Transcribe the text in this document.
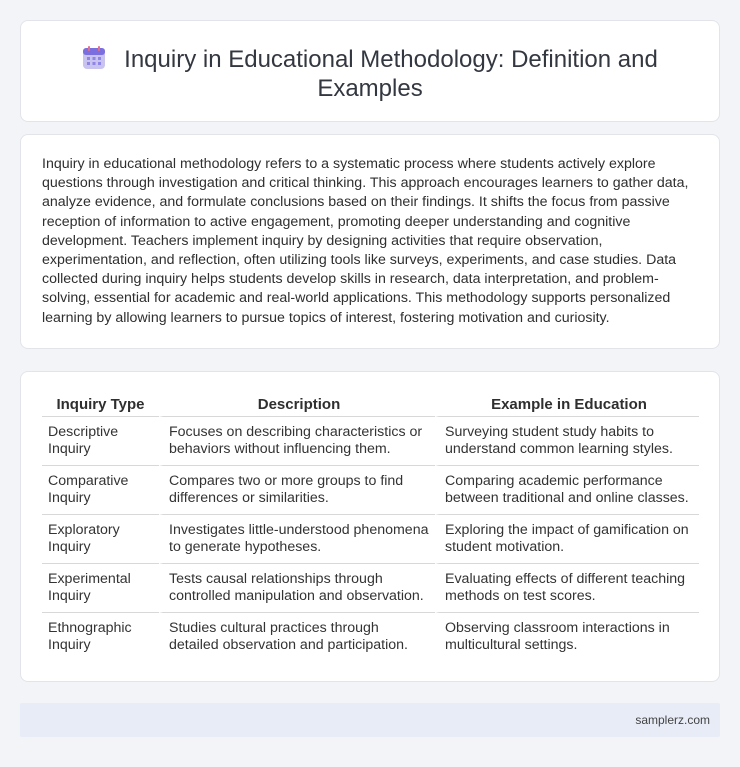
Inquiry in Educational Methodology: Definition and Examples

Inquiry in educational methodology refers to a systematic process where students actively explore questions through investigation and critical thinking. This approach encourages learners to gather data, analyze evidence, and formulate conclusions based on their findings. It shifts the focus from passive reception of information to active engagement, promoting deeper understanding and cognitive development. Teachers implement inquiry by designing activities that require observation, experimentation, and reflection, often utilizing tools like surveys, experiments, and case studies. Data collected during inquiry helps students develop skills in research, data interpretation, and problem-solving, essential for academic and real-world applications. This methodology supports personalized learning by allowing learners to pursue topics of interest, fostering motivation and curiosity.

Inquiry Type	Description	Example in Education
Descriptive Inquiry	Focuses on describing characteristics or behaviors without influencing them.	Surveying student study habits to understand common learning styles.
Comparative Inquiry	Compares two or more groups to find differences or similarities.	Comparing academic performance between traditional and online classes.
Exploratory Inquiry	Investigates little-understood phenomena to generate hypotheses.	Exploring the impact of gamification on student motivation.
Experimental Inquiry	Tests causal relationships through controlled manipulation and observation.	Evaluating effects of different teaching methods on test scores.
Ethnographic Inquiry	Studies cultural practices through detailed observation and participation.	Observing classroom interactions in multicultural settings.
samplerz.com
